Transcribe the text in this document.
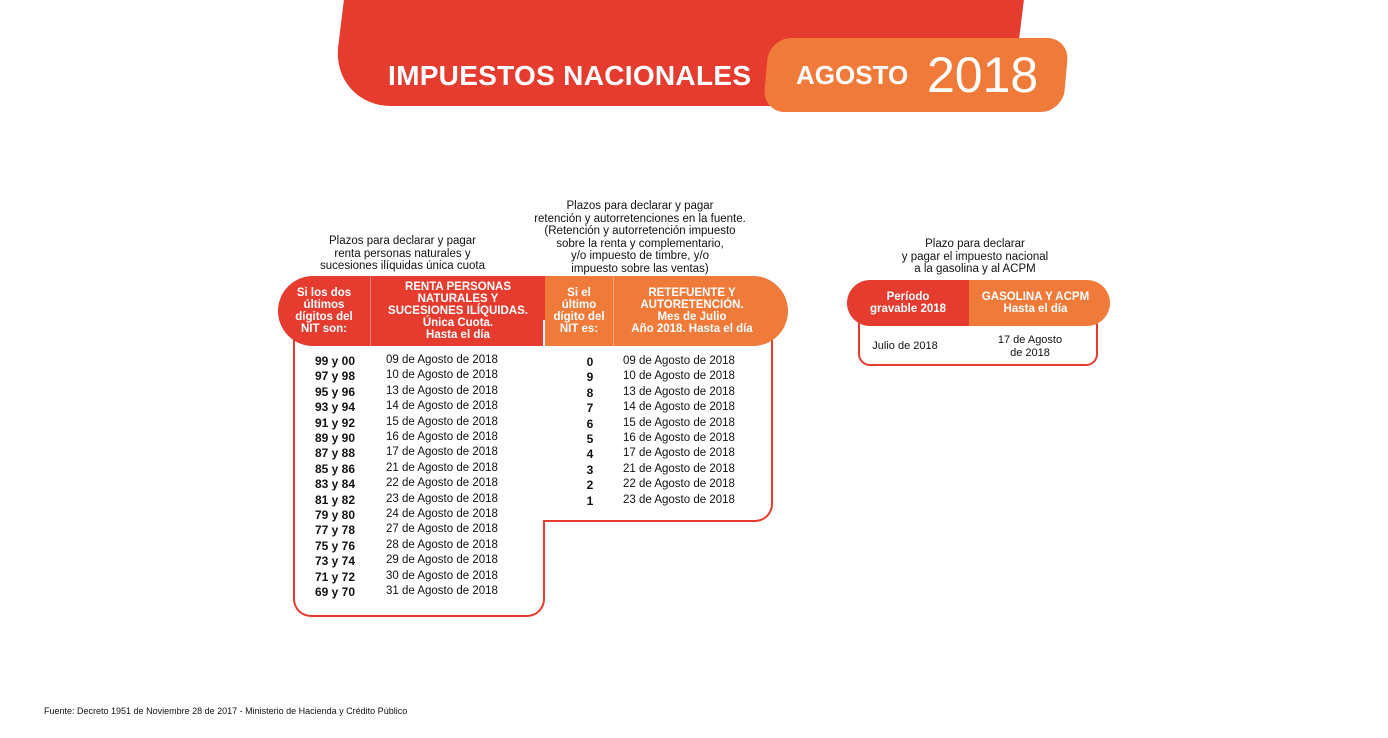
IMPUESTOS NACIONALES AGOSTO 2018
Plazos para declarar y pagar
renta personas naturales y
sucesiones ilíquidas única cuota
Si los dos
últimos
dígitos del
NIT son:
RENTA PERSONAS
NATURALES Y
SUCESIONES ILÍQUIDAS.
Única Cuota.
Hasta el día
99 y 00	09 de Agosto de 2018
97 y 98	10 de Agosto de 2018
95 y 96	13 de Agosto de 2018
93 y 94	14 de Agosto de 2018
91 y 92	15 de Agosto de 2018
89 y 90	16 de Agosto de 2018
87 y 88	17 de Agosto de 2018
85 y 86	21 de Agosto de 2018
83 y 84	22 de Agosto de 2018
81 y 82	23 de Agosto de 2018
79 y 80	24 de Agosto de 2018
77 y 78	27 de Agosto de 2018
75 y 76	28 de Agosto de 2018
73 y 74	29 de Agosto de 2018
71 y 72	30 de Agosto de 2018
69 y 70	31 de Agosto de 2018
Plazos para declarar y pagar
retención y autorretenciones en la fuente.
(Retención y autorretención impuesto
sobre la renta y complementario,
y/o impuesto de timbre, y/o
impuesto sobre las ventas)
Si el
último
dígito del
NIT es:
RETEFUENTE Y
AUTORETENCIÓN.
Mes de Julio
Año 2018. Hasta el día
0	09 de Agosto de 2018
9	10 de Agosto de 2018
8	13 de Agosto de 2018
7	14 de Agosto de 2018
6	15 de Agosto de 2018
5	16 de Agosto de 2018
4	17 de Agosto de 2018
3	21 de Agosto de 2018
2	22 de Agosto de 2018
1	23 de Agosto de 2018
Plazo para declarar
y pagar el impuesto nacional
a la gasolina y al ACPM
Período
gravable 2018
GASOLINA Y ACPM
Hasta el día
Julio de 2018	17 de Agosto
de 2018
Fuente: Decreto 1951 de Noviembre 28 de 2017 - Ministerio de Hacienda y Crédito Público
